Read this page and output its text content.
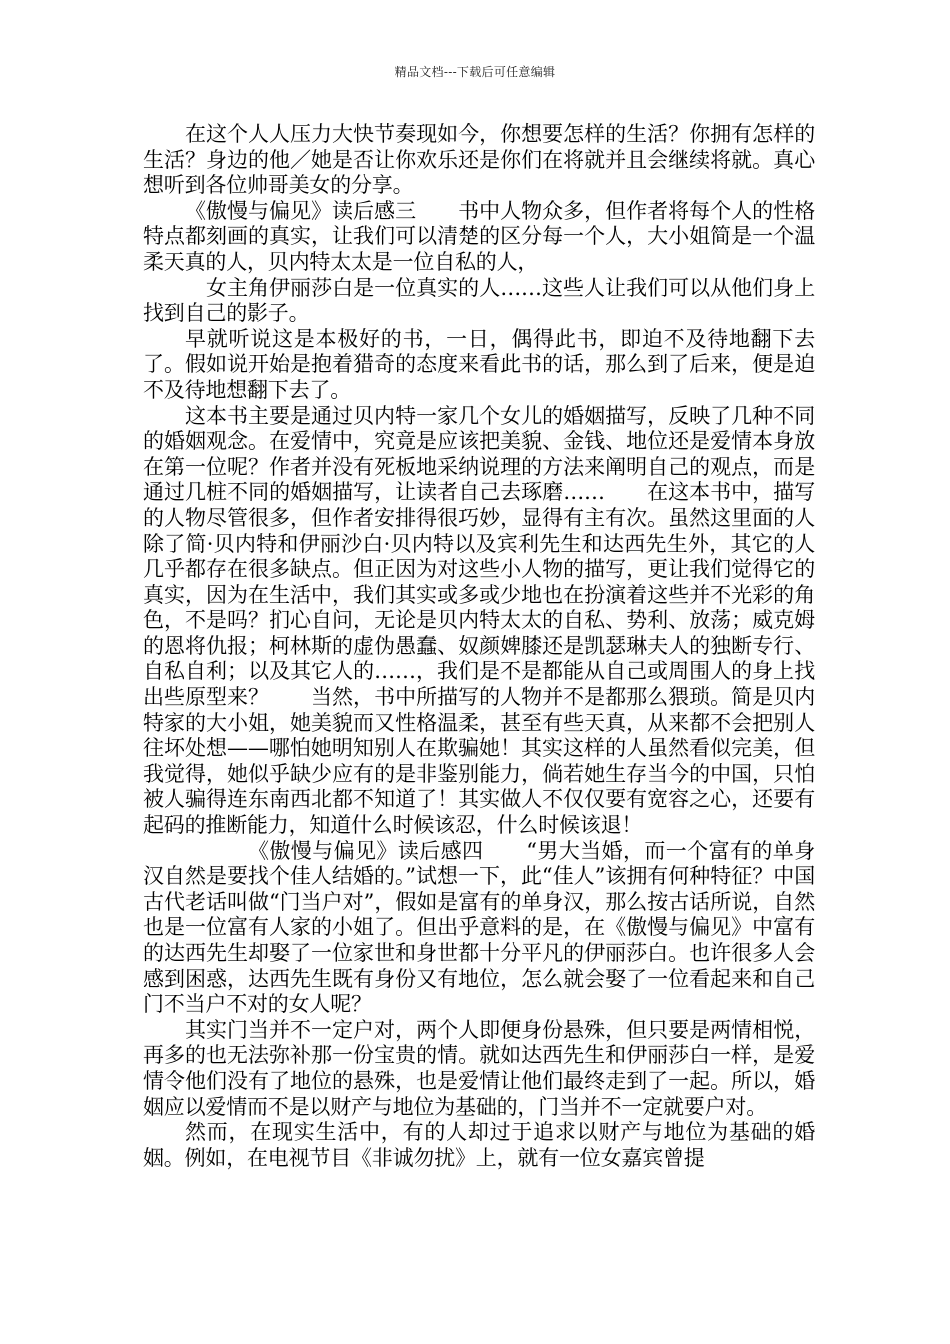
精品文档---下载后可任意编辑

在这个人人压力大快节奏现如今，你想要怎样的生活？你拥有怎样的生活？身边的他／她是否让你欢乐还是你们在将就并且会继续将就。真心想听到各位帅哥美女的分享。

《傲慢与偏见》读后感三　　书中人物众多，但作者将每个人的性格特点都刻画的真实，让我们可以清楚的区分每一个人，大小姐简是一个温柔天真的人，贝内特太太是一位自私的人，

女主角伊丽莎白是一位真实的人……这些人让我们可以从他们身上找到自己的影子。

早就听说这是本极好的书，一日，偶得此书，即迫不及待地翻下去了。假如说开始是抱着猎奇的态度来看此书的话，那么到了后来，便是迫不及待地想翻下去了。

这本书主要是通过贝内特一家几个女儿的婚姻描写，反映了几种不同的婚姻观念。在爱情中，究竟是应该把美貌、金钱、地位还是爱情本身放在第一位呢？作者并没有死板地采纳说理的方法来阐明自己的观点，而是通过几桩不同的婚姻描写，让读者自己去琢磨……　　在这本书中，描写的人物尽管很多，但作者安排得很巧妙，显得有主有次。虽然这里面的人除了简·贝内特和伊丽沙白·贝内特以及宾利先生和达西先生外，其它的人几乎都存在很多缺点。但正因为对这些小人物的描写，更让我们觉得它的真实，因为在生活中，我们其实或多或少地也在扮演着这些并不光彩的角色，不是吗？扪心自问，无论是贝内特太太的自私、势利、放荡；威克姆的恩将仇报；柯林斯的虚伪愚蠢、奴颜婢膝还是凯瑟琳夫人的独断专行、自私自利；以及其它人的……，我们是不是都能从自己或周围人的身上找出些原型来？　　当然，书中所描写的人物并不是都那么猥琐。简是贝内特家的大小姐，她美貌而又性格温柔，甚至有些天真，从来都不会把别人往坏处想——哪怕她明知别人在欺骗她！其实这样的人虽然看似完美，但我觉得，她似乎缺少应有的是非鉴别能力，倘若她生存当今的中国，只怕被人骗得连东南西北都不知道了！其实做人不仅仅要有宽容之心，还要有起码的推断能力，知道什么时候该忍，什么时候该退！

《傲慢与偏见》读后感四　　“男大当婚，而一个富有的单身汉自然是要找个佳人结婚的。”试想一下，此“佳人”该拥有何种特征？中国古代老话叫做“门当户对”，假如是富有的单身汉，那么按古话所说，自然也是一位富有人家的小姐了。但出乎意料的是，在《傲慢与偏见》中富有的达西先生却娶了一位家世和身世都十分平凡的伊丽莎白。也许很多人会感到困惑，达西先生既有身份又有地位，怎么就会娶了一位看起来和自己门不当户不对的女人呢？

其实门当并不一定户对，两个人即便身份悬殊，但只要是两情相悦，再多的也无法弥补那一份宝贵的情。就如达西先生和伊丽莎白一样，是爱情令他们没有了地位的悬殊，也是爱情让他们最终走到了一起。所以，婚姻应以爱情而不是以财产与地位为基础的，门当并不一定就要户对。

然而，在现实生活中，有的人却过于追求以财产与地位为基础的婚姻。例如，在电视节目《非诚勿扰》上，就有一位女嘉宾曾提
